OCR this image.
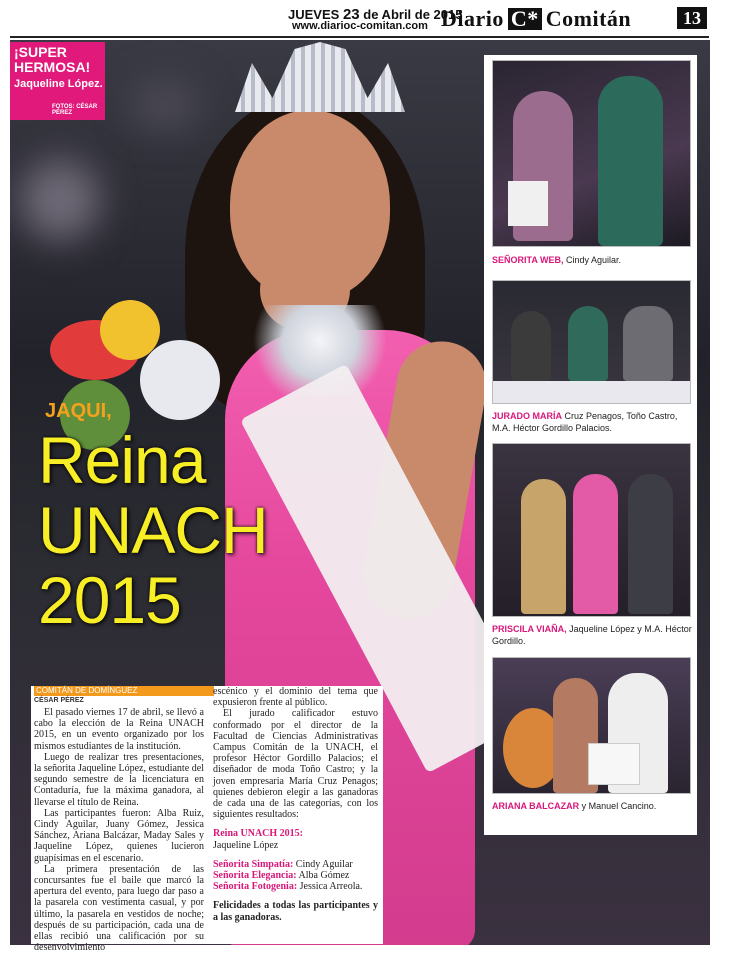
JUEVES 23 de Abril de 2015
www.diarioc-comitan.com Diario C* Comitán	13
¡SUPER HERMOSA!
Jaqueline López.
FOTOS: CÉSAR PÉREZ
JAQUI,
Reina
UNACH
2015
SEÑORITA WEB, Cindy Aguilar.
JURADO MARÍA Cruz Penagos, Toño Castro, M.A. Héctor Gordillo Palacios.
PRISCILA VIAÑA, Jaqueline López y M.A. Héctor Gordillo.
ARIANA BALCAZAR y Manuel Cancino.
COMITÁN DE DOMÍNGUEZ
CÉSAR PÉREZ

El pasado viernes 17 de abril, se llevó a cabo la elección de la Reina UNACH 2015, en un evento organizado por los mismos estudiantes de la institución.

Luego de realizar tres presentaciones, la señorita Jaqueline López, estudiante del segundo semestre de la licenciatura en Contaduría, fue la máxima ganadora, al llevarse el título de Reina.

Las participantes fueron: Alba Ruiz, Cindy Aguilar, Juany Gómez, Jessica Sánchez, Ariana Balcázar, Maday Sales y Jaqueline López, quienes lucieron guapísimas en el escenario.

La primera presentación de las concursantes fue el baile que marcó la apertura del evento, para luego dar paso a la pasarela con vestimenta casual, y por último, la pasarela en vestidos de noche; después de su participación, cada una de ellas recibió una calificación por su desenvolvimiento

escénico y el dominio del tema que expusieron frente al público.

El jurado calificador estuvo conformado por el director de la Facultad de Ciencias Administrativas Campus Comitán de la UNACH, el profesor Héctor Gordillo Palacios; el diseñador de moda Toño Castro; y la joven empresaria María Cruz Penagos; quienes debieron elegir a las ganadoras de cada una de las categorías, con los siguientes resultados:

Reina UNACH 2015:

Jaqueline López

Señorita Simpatía: Cindy Aguilar

Señorita Elegancia: Alba Gómez

Señorita Fotogenia: Jessica Arreola.

Felicidades a todas las participantes y a las ganadoras.
